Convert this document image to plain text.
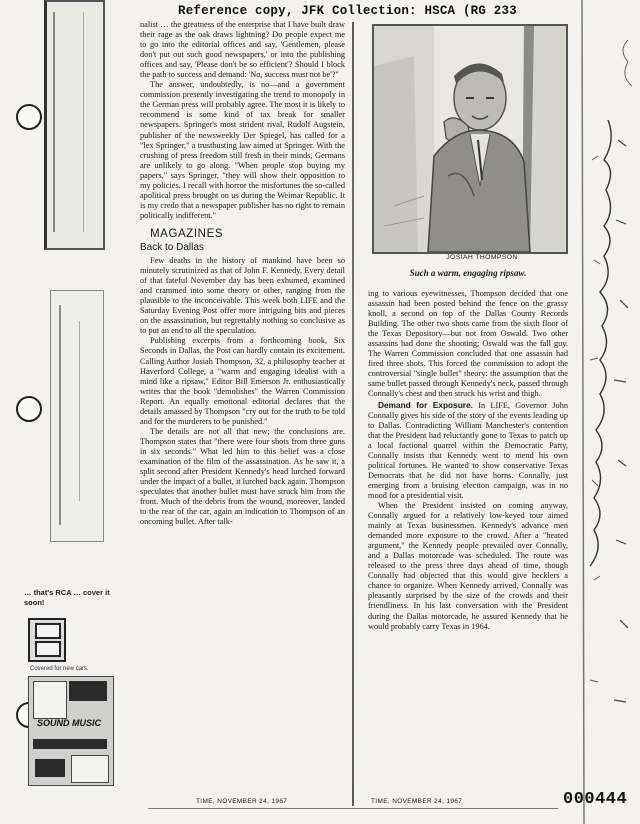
Reference copy, JFK Collection: HSCA (RG 233
… that's RCA … cover it soon!
Covered for new cars.
SOUND MUSIC

nalist … the greatness of the enterprise that I have built draw their rage as the oak draws lightning? Do people expect me to go into the editorial offices and say, 'Gentlemen, please don't put out such good newspapers,' or into the publishing offices and say, 'Please don't be so efficient'? Should I block the path to success and demand: 'No, success must not be'?"

The answer, undoubtedly, is no—and a government commission presently investigating the trend to monopoly in the German press will probably agree. The most it is likely to recommend is some kind of tax break for smaller newspapers. Springer's most strident rival, Rudolf Augstein, publisher of the newsweekly Der Spiegel, has called for a "lex Springer," a trustbusting law aimed at Springer. With the crushing of press freedom still fresh in their minds, Germans are unlikely to go along. "When people stop buying my papers," says Springer, "they will show their opposition to my policies. I recall with horror the misfortunes the so-called apolitical press brought on us during the Weimar Republic. It is my credo that a newspaper publisher has no right to remain politically indifferent."

MAGAZINES
Back to Dallas

Few deaths in the history of mankind have been so minutely scrutinized as that of John F. Kennedy. Every detail of that fateful November day has been exhumed, examined and crammed into some theory or other, ranging from the plausible to the inconceivable. This week both LIFE and the Saturday Evening Post offer more intriguing bits and pieces on the assassination, but regrettably nothing so conclusive as to put an end to all the speculation.

Publishing excerpts from a forthcoming book, Six Seconds in Dallas, the Post can hardly contain its excitement. Calling Author Josiah Thompson, 32, a philosophy teacher at Haverford College, a "warm and engaging idealist with a mind like a ripsaw," Editor Bill Emerson Jr. enthusiastically writes that the book "demolishes" the Warren Commission Report. An equally emotional editorial declares that the details amassed by Thompson "cry out for the truth to be told and for the murderers to be punished."

The details are not all that new; the conclusions are. Thompson states that "there were four shots from three guns in six seconds." What led him to this belief was a close examination of the film of the assassination. As he saw it, a split second after President Kennedy's head lurched forward under the impact of a bullet, it lurched back again. Thompson speculates that another bullet must have struck him from the front. Much of the debris from the wound, moreover, landed to the rear of the car, again an indication to Thompson of an oncoming bullet. After talk-

JOSIAH THOMPSON
Such a warm, engaging ripsaw.

ing to various eyewitnesses, Thompson decided that one assassin had been posted behind the fence on the grassy knoll, a second on top of the Dallas County Records Building. The other two shots came from the sixth floor of the Texas Depository—but not from Oswald. Two other assassins had done the shooting; Oswald was the fall guy. The Warren Commission concluded that one assassin had fired three shots. This forced the commission to adopt the controversial "single bullet" theory: the assumption that the same bullet passed through Kennedy's neck, passed through Connally's chest and then struck his wrist and thigh.

Demand for Exposure. In LIFE, Governor John Connally gives his side of the story of the events leading up to Dallas. Contradicting William Manchester's contention that the President had reluctantly gone to Texas to patch up a local factional quarrel within the Democratic Party, Connally insists that Kennedy went to mend his own political fortunes. He wanted to show conservative Texas Democrats that he did not have horns. Connally, just emerging from a bruising election campaign, was in no mood for a presidential visit.

When the President insisted on coming anyway, Connally argued for a relatively low-keyed tour aimed mainly at Texas businessmen. Kennedy's advance men demanded more exposure to the crowd. After a "heated argument," the Kennedy people prevailed over Connally, and a Dallas motorcade was scheduled. The route was released to the press three days ahead of time, though Connally had objected that this would give hecklers a chance to organize. When Kennedy arrived, Connally was pleasantly surprised by the size of the crowds and their friendliness. In his last conversation with the President during the Dallas motorcade, he assured Kennedy that he would probably carry Texas in 1964.

TIME, NOVEMBER 24, 1967	TIME, NOVEMBER 24, 1967	000444
